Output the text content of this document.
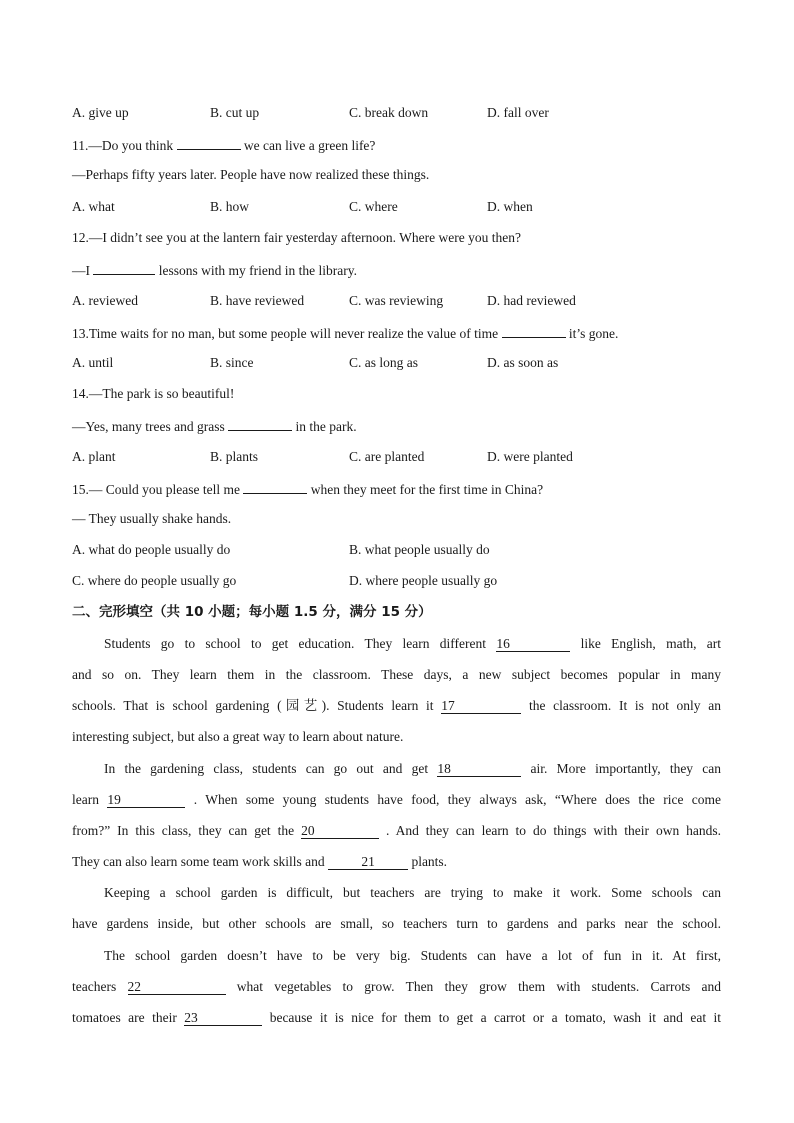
A. give up	B. cut up	C. break down	D. fall over
11.—Do you think	we can live a green life?
—Perhaps fifty years later. People have now realized these things.
A. what	B. how	C. where	D. when
12.—I didn’t see you at the lantern fair yesterday afternoon. Where were you then?
—I	lessons with my friend in the library.
A. reviewed	B. have reviewed	C. was reviewing	D. had reviewed
13.Time waits for no man, but some people will never realize the value of time	it’s gone.
A. until	B. since	C. as long as	D. as soon as
14.—The park is so beautiful!
—Yes, many trees and grass	in the park.
A. plant	B. plants	C. are planted	D. were planted
15.— Could you please tell me	when they meet for the first time in China?
— They usually shake hands.
A. what do people usually do	B. what people usually do
C. where do people usually go	D. where people usually go
二、完形填空（共 10 小题；每小题 1.5 分，满分 15 分）
Students go to school to get education. They learn different 16	like English, math, art
and so on. They learn them in the classroom. These days, a new subject becomes popular in many
schools. That is school gardening (园艺). Students learn it 17	the classroom. It is not only an
interesting subject, but also a great way to learn about nature.
In the gardening class, students can go out and get 18	air. More importantly, they can
learn 19	. When some young students have food, they always ask, “Where does the rice come
from?” In this class, they can get the 20	. And they can learn to do things with their own hands.
They can also learn some team work skills and	21	plants.
Keeping a school garden is difficult, but teachers are trying to make it work. Some schools can
have gardens inside, but other schools are small, so teachers turn to gardens and parks near the school.
The school garden doesn’t have to be very big. Students can have a lot of fun in it. At first,
teachers 22	what vegetables to grow. Then they grow them with students. Carrots and
tomatoes are their 23	because it is nice for them to get a carrot or a tomato, wash it and eat it
